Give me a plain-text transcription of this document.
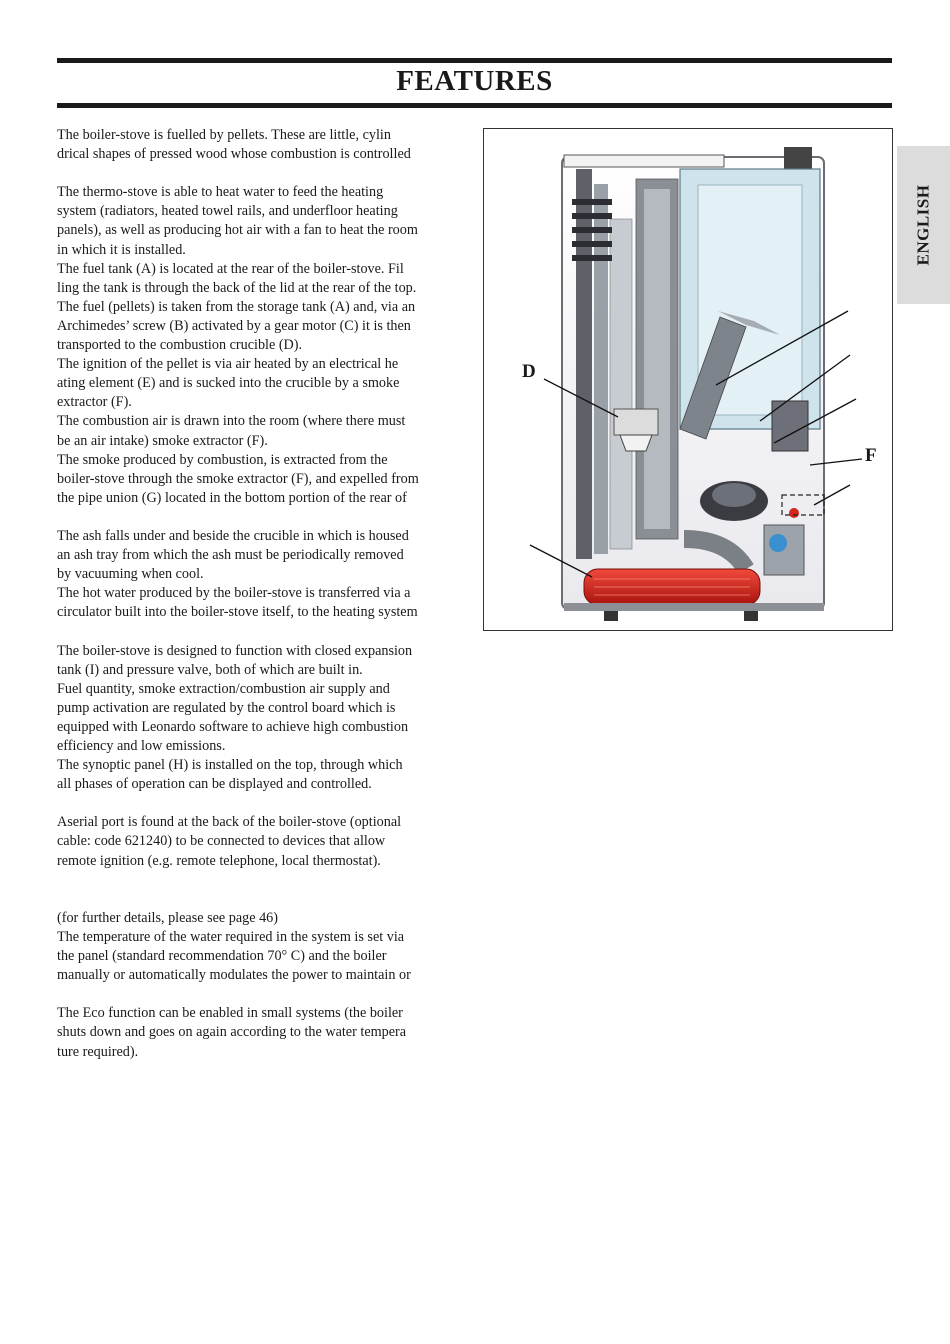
FEATURES
ENGLISH

The boiler-stove is fuelled by pellets. These are little, cylin

drical shapes of pressed wood whose combustion is controlled

The thermo-stove is able to heat water to feed the heating

system (radiators, heated towel rails, and underfloor heating

panels), as well as producing hot air with a fan to heat the room

in which it is installed.

The fuel tank (A) is located at the rear of the boiler-stove. Fil

ling the tank is through the back of the lid at the rear of the top.

The fuel (pellets) is taken from the storage tank (A) and, via an

Archimedes’ screw (B) activated by a gear motor (C) it is then

transported to the combustion crucible (D).

The ignition of the pellet is via air heated by an electrical he

ating element (E) and is sucked into the crucible by a smoke

extractor (F).

The combustion air is drawn into the room (where there must

be an air intake) smoke extractor (F).

The smoke produced by combustion, is extracted from the

boiler-stove through the smoke extractor (F), and expelled from

the pipe union (G) located in the bottom portion of the rear of

The ash falls under and beside the crucible in which is housed

an ash tray from which the ash must be periodically removed

by vacuuming when cool.

The hot water produced by the boiler-stove is transferred via a

circulator built into the boiler-stove itself, to the heating system

The boiler-stove is designed to function with closed expansion

tank (I) and pressure valve, both of which are built in.

Fuel quantity, smoke extraction/combustion air supply and

pump activation are regulated by the control board which is

equipped with Leonardo software to achieve high combustion

efficiency and low emissions.

The synoptic panel (H) is installed on the top, through which

all phases of operation can be displayed and controlled.

Aserial port is found at the back of the boiler-stove (optional

cable: code 621240) to be connected to devices that allow

remote ignition (e.g. remote telephone, local thermostat).

(for further details, please see page 46)

The temperature of the water required in the system is set via

the panel (standard recommendation 70° C) and the boiler

manually or automatically modulates the power to maintain or

The Eco function can be enabled in small systems (the boiler

shuts down and goes on again according to the water tempera

ture required).

D
F
